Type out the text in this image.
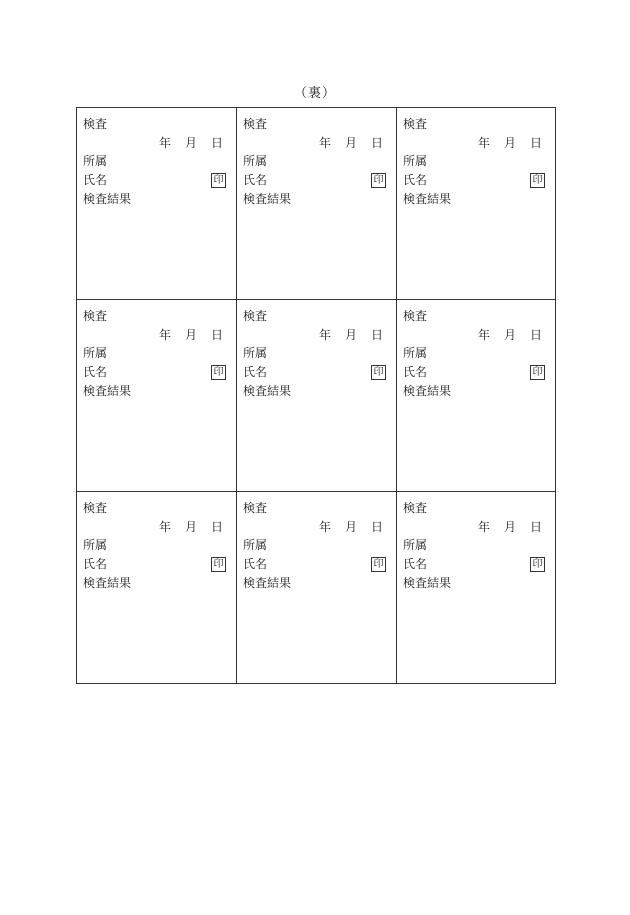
（裏）
検査
年 月 日
所属
氏名	印
検査結果
検査
年 月 日
所属
氏名	印
検査結果
検査
年 月 日
所属
氏名	印
検査結果
検査
年 月 日
所属
氏名	印
検査結果
検査
年 月 日
所属
氏名	印
検査結果
検査
年 月 日
所属
氏名	印
検査結果
検査
年 月 日
所属
氏名	印
検査結果
検査
年 月 日
所属
氏名	印
検査結果
検査
年 月 日
所属
氏名	印
検査結果
